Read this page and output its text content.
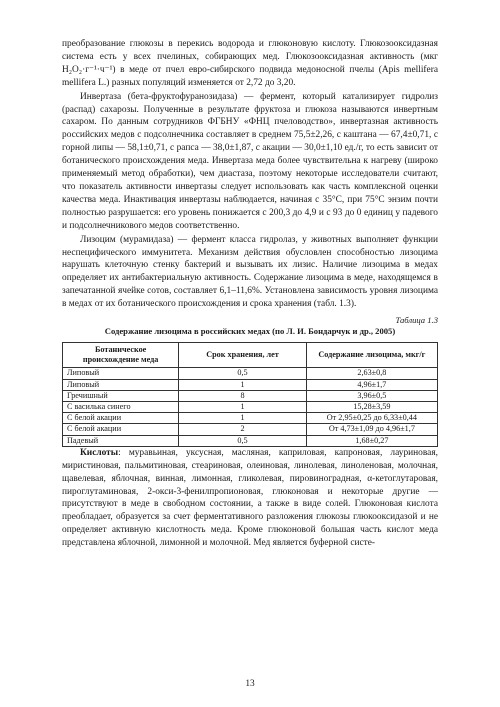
преобразование глюкозы в перекись водорода и глюконовую кислоту. Глюкозооксидазная система есть у всех пчелиных, собирающих мед. Глюкозооксидазная активность (мкг H₂O₂·г⁻¹·ч⁻¹) в меде от пчел евро-сибирского подвида медоносной пчелы (Apis mellifera mellifera L.) разных популяций изменяется от 2,72 до 3,20.

Инвертаза (бета-фруктофуранозидаза) — фермент, который катализирует гидролиз (распад) сахарозы. Полученные в результате фруктоза и глюкоза называются инвертным сахаром. По данным сотрудников ФГБНУ «ФНЦ пчеловодство», инвертазная активность российских медов с подсолнечника составляет в среднем 75,5±2,26, с каштана — 67,4±0,71, с горной липы — 58,1±0,71, с рапса — 38,0±1,87, с акации — 30,0±1,10 ед./г, то есть зависит от ботанического происхождения меда. Инвертаза меда более чувствительна к нагреву (широко применяемый метод обработки), чем диастаза, поэтому некоторые исследователи считают, что показатель активности инвертазы следует использовать как часть комплексной оценки качества меда. Инактивация инвертазы наблюдается, начиная с 35°C, при 75°C энзим почти полностью разрушается: его уровень понижается с 200,3 до 4,9 и с 93 до 0 единиц у падевого и подсолнечникового медов соответственно.

Лизоцим (мурамидаза) — фермент класса гидролаз, у животных выполняет функции неспецифического иммунитета. Механизм действия обусловлен способностью лизоцима нарушать клеточную стенку бактерий и вызывать их лизис. Наличие лизоцима в медах определяет их антибактериальную активность. Содержание лизоцима в меде, находящемся в запечатанной ячейке сотов, составляет 6,1–11,6%. Установлена зависимость уровня лизоцима в медах от их ботанического происхождения и срока хранения (табл. 1.3).

Таблица 1.3
Содержание лизоцима в российских медах (по Л. И. Бондарчук и др., 2005)
Ботаническое происхождение меда	Срок хранения, лет	Содержание лизоцима, мкг/г
Липовый	0,5	2,63±0,8
Липовый	1	4,96±1,7
Гречишный	8	3,96±0,5
С василька синего	1	15,28±3,59
С белой акации	1	От 2,95±0,25 до 6,33±0,44
С белой акации	2	От 4,73±1,09 до 4,96±1,7
Падевый	0,5	1,68±0,27

Кислоты: муравьиная, уксусная, масляная, каприловая, капроновая, лауриновая, миристиновая, пальмитиновая, стеариновая, олеиновая, линолевая, линоленовая, молочная, щавелевая, яблочная, винная, лимонная, гликолевая, пировиноградная, α-кетоглутаровая, пироглутаминовая, 2-окси-3-фенилпропионовая, глюконовая и некоторые другие — присутствуют в меде в свободном состоянии, а также в виде солей. Глюконовая кислота преобладает, образуется за счет ферментативного разложения глюкозы глюкооксидазой и не определяет активную кислотность меда. Кроме глюконовой большая часть кислот меда представлена яблочной, лимонной и молочной. Мед является буферной систе-

13
